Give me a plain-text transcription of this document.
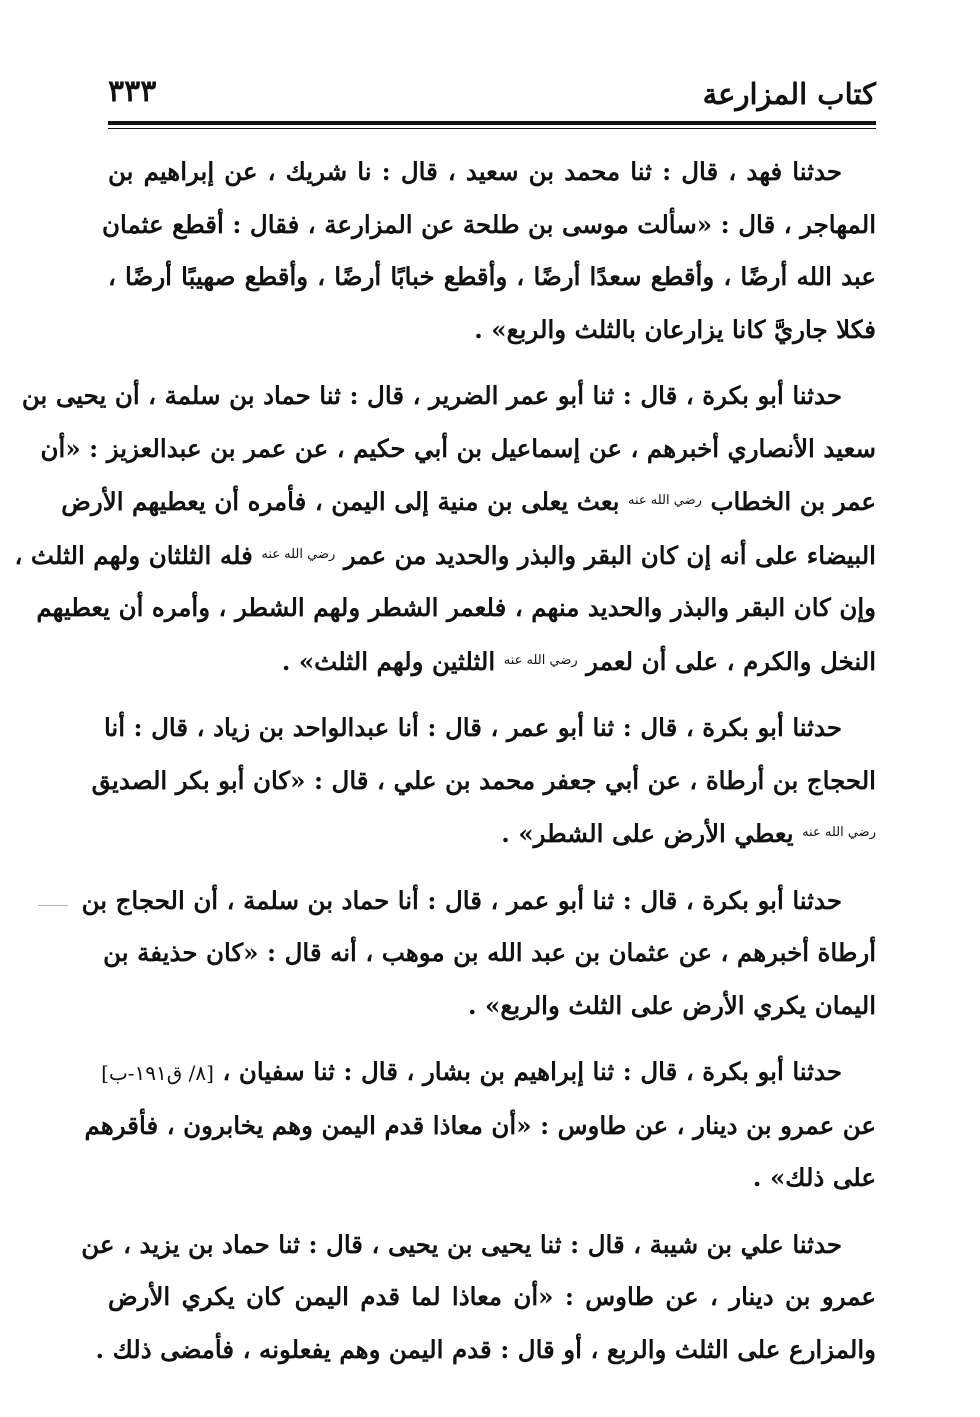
كتاب المزارعة
٣٣٣

حدثنا فهد ، قال : ثنا محمد بن سعيد ، قال : نا شريك ، عن إبراهيم بن
المهاجر ، قال : «سألت موسى بن طلحة عن المزارعة ، فقال : أقطع عثمان
عبد الله أرضًا ، وأقطع سعدًا أرضًا ، وأقطع خبابًا أرضًا ، وأقطع صهيبًا أرضًا ،
فكلا جاريَّ كانا يزارعان بالثلث والربع» .

حدثنا أبو بكرة ، قال : ثنا أبو عمر الضرير ، قال : ثنا حماد بن سلمة ، أن يحيى بن
سعيد الأنصاري أخبرهم ، عن إسماعيل بن أبي حكيم ، عن عمر بن عبدالعزيز : «أن
عمر بن الخطاب $^{رضي الله عنه}$ بعث يعلى بن منية إلى اليمن ، فأمره أن يعطيهم الأرض
البيضاء على أنه إن كان البقر والبذر والحديد من عمر $^{رضي الله عنه}$ فله الثلثان ولهم الثلث ،
وإن كان البقر والبذر والحديد منهم ، فلعمر الشطر ولهم الشطر ، وأمره أن يعطيهم
النخل والكرم ، على أن لعمر $^{رضي الله عنه}$ الثلثين ولهم الثلث» .

حدثنا أبو بكرة ، قال : ثنا أبو عمر ، قال : أنا عبدالواحد بن زياد ، قال : أنا
الحجاج بن أرطاة ، عن أبي جعفر محمد بن علي ، قال : «كان أبو بكر الصديق
$^{رضي الله عنه}$ يعطي الأرض على الشطر» .

حدثنا أبو بكرة ، قال : ثنا أبو عمر ، قال : أنا حماد بن سلمة ، أن الحجاج بن
أرطاة أخبرهم ، عن عثمان بن عبد الله بن موهب ، أنه قال : «كان حذيفة بن
اليمان يكري الأرض على الثلث والربع» .

حدثنا أبو بكرة ، قال : ثنا إبراهيم بن بشار ، قال : ثنا سفيان ، [٨/ ق١٩١-ب]
عن عمرو بن دينار ، عن طاوس : «أن معاذا قدم اليمن وهم يخابرون ، فأقرهم
على ذلك» .

حدثنا علي بن شيبة ، قال : ثنا يحيى بن يحيى ، قال : ثنا حماد بن يزيد ، عن
عمرو بن دينار ، عن طاوس : «أن معاذا لما قدم اليمن كان يكري الأرض
والمزارع على الثلث والربع ، أو قال : قدم اليمن وهم يفعلونه ، فأمضى ذلك .
